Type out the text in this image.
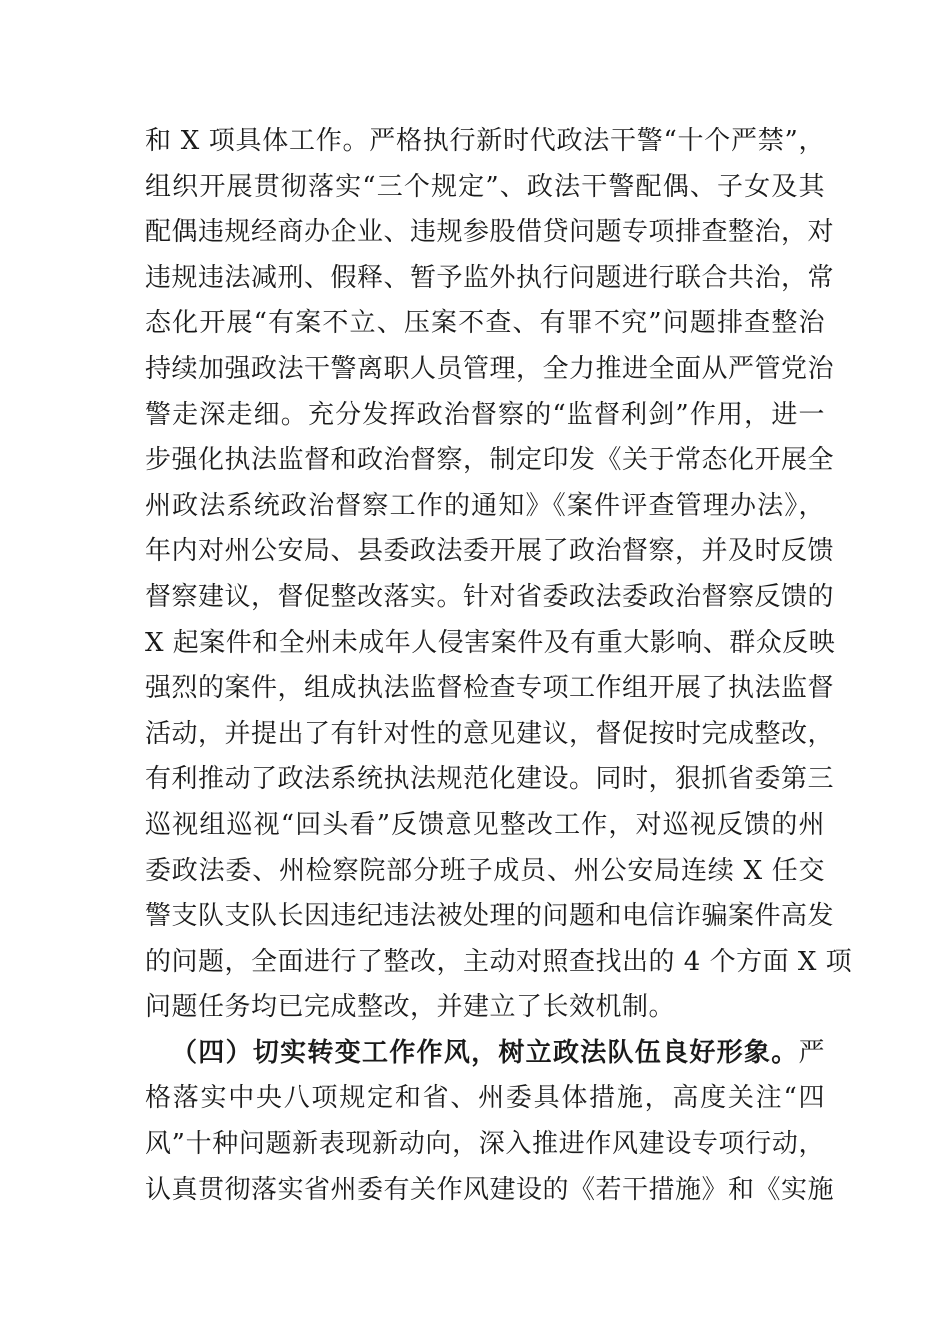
和 X 项具体工作。严格执行新时代政法干警“十个严禁”，
组织开展贯彻落实“三个规定”、政法干警配偶、子女及其
配偶违规经商办企业、违规参股借贷问题专项排查整治，对
违规违法减刑、假释、暂予监外执行问题进行联合共治，常
态化开展“有案不立、压案不查、有罪不究”问题排查整治
持续加强政法干警离职人员管理，全力推进全面从严管党治
警走深走细。充分发挥政治督察的“监督利剑”作用，进一
步强化执法监督和政治督察，制定印发《关于常态化开展全
州政法系统政治督察工作的通知》《案件评查管理办法》，
年内对州公安局、县委政法委开展了政治督察，并及时反馈
督察建议，督促整改落实。针对省委政法委政治督察反馈的
X 起案件和全州未成年人侵害案件及有重大影响、群众反映
强烈的案件，组成执法监督检查专项工作组开展了执法监督
活动，并提出了有针对性的意见建议，督促按时完成整改，
有利推动了政法系统执法规范化建设。同时，狠抓省委第三
巡视组巡视“回头看”反馈意见整改工作，对巡视反馈的州
委政法委、州检察院部分班子成员、州公安局连续 X 任交
警支队支队长因违纪违法被处理的问题和电信诈骗案件高发
的问题，全面进行了整改，主动对照查找出的 4 个方面 X 项
问题任务均已完成整改，并建立了长效机制。
（四）切实转变工作作风，树立政法队伍良好形象。严
格落实中央八项规定和省、州委具体措施，高度关注“四
风”十种问题新表现新动向，深入推进作风建设专项行动，
认真贯彻落实省州委有关作风建设的《若干措施》和《实施
